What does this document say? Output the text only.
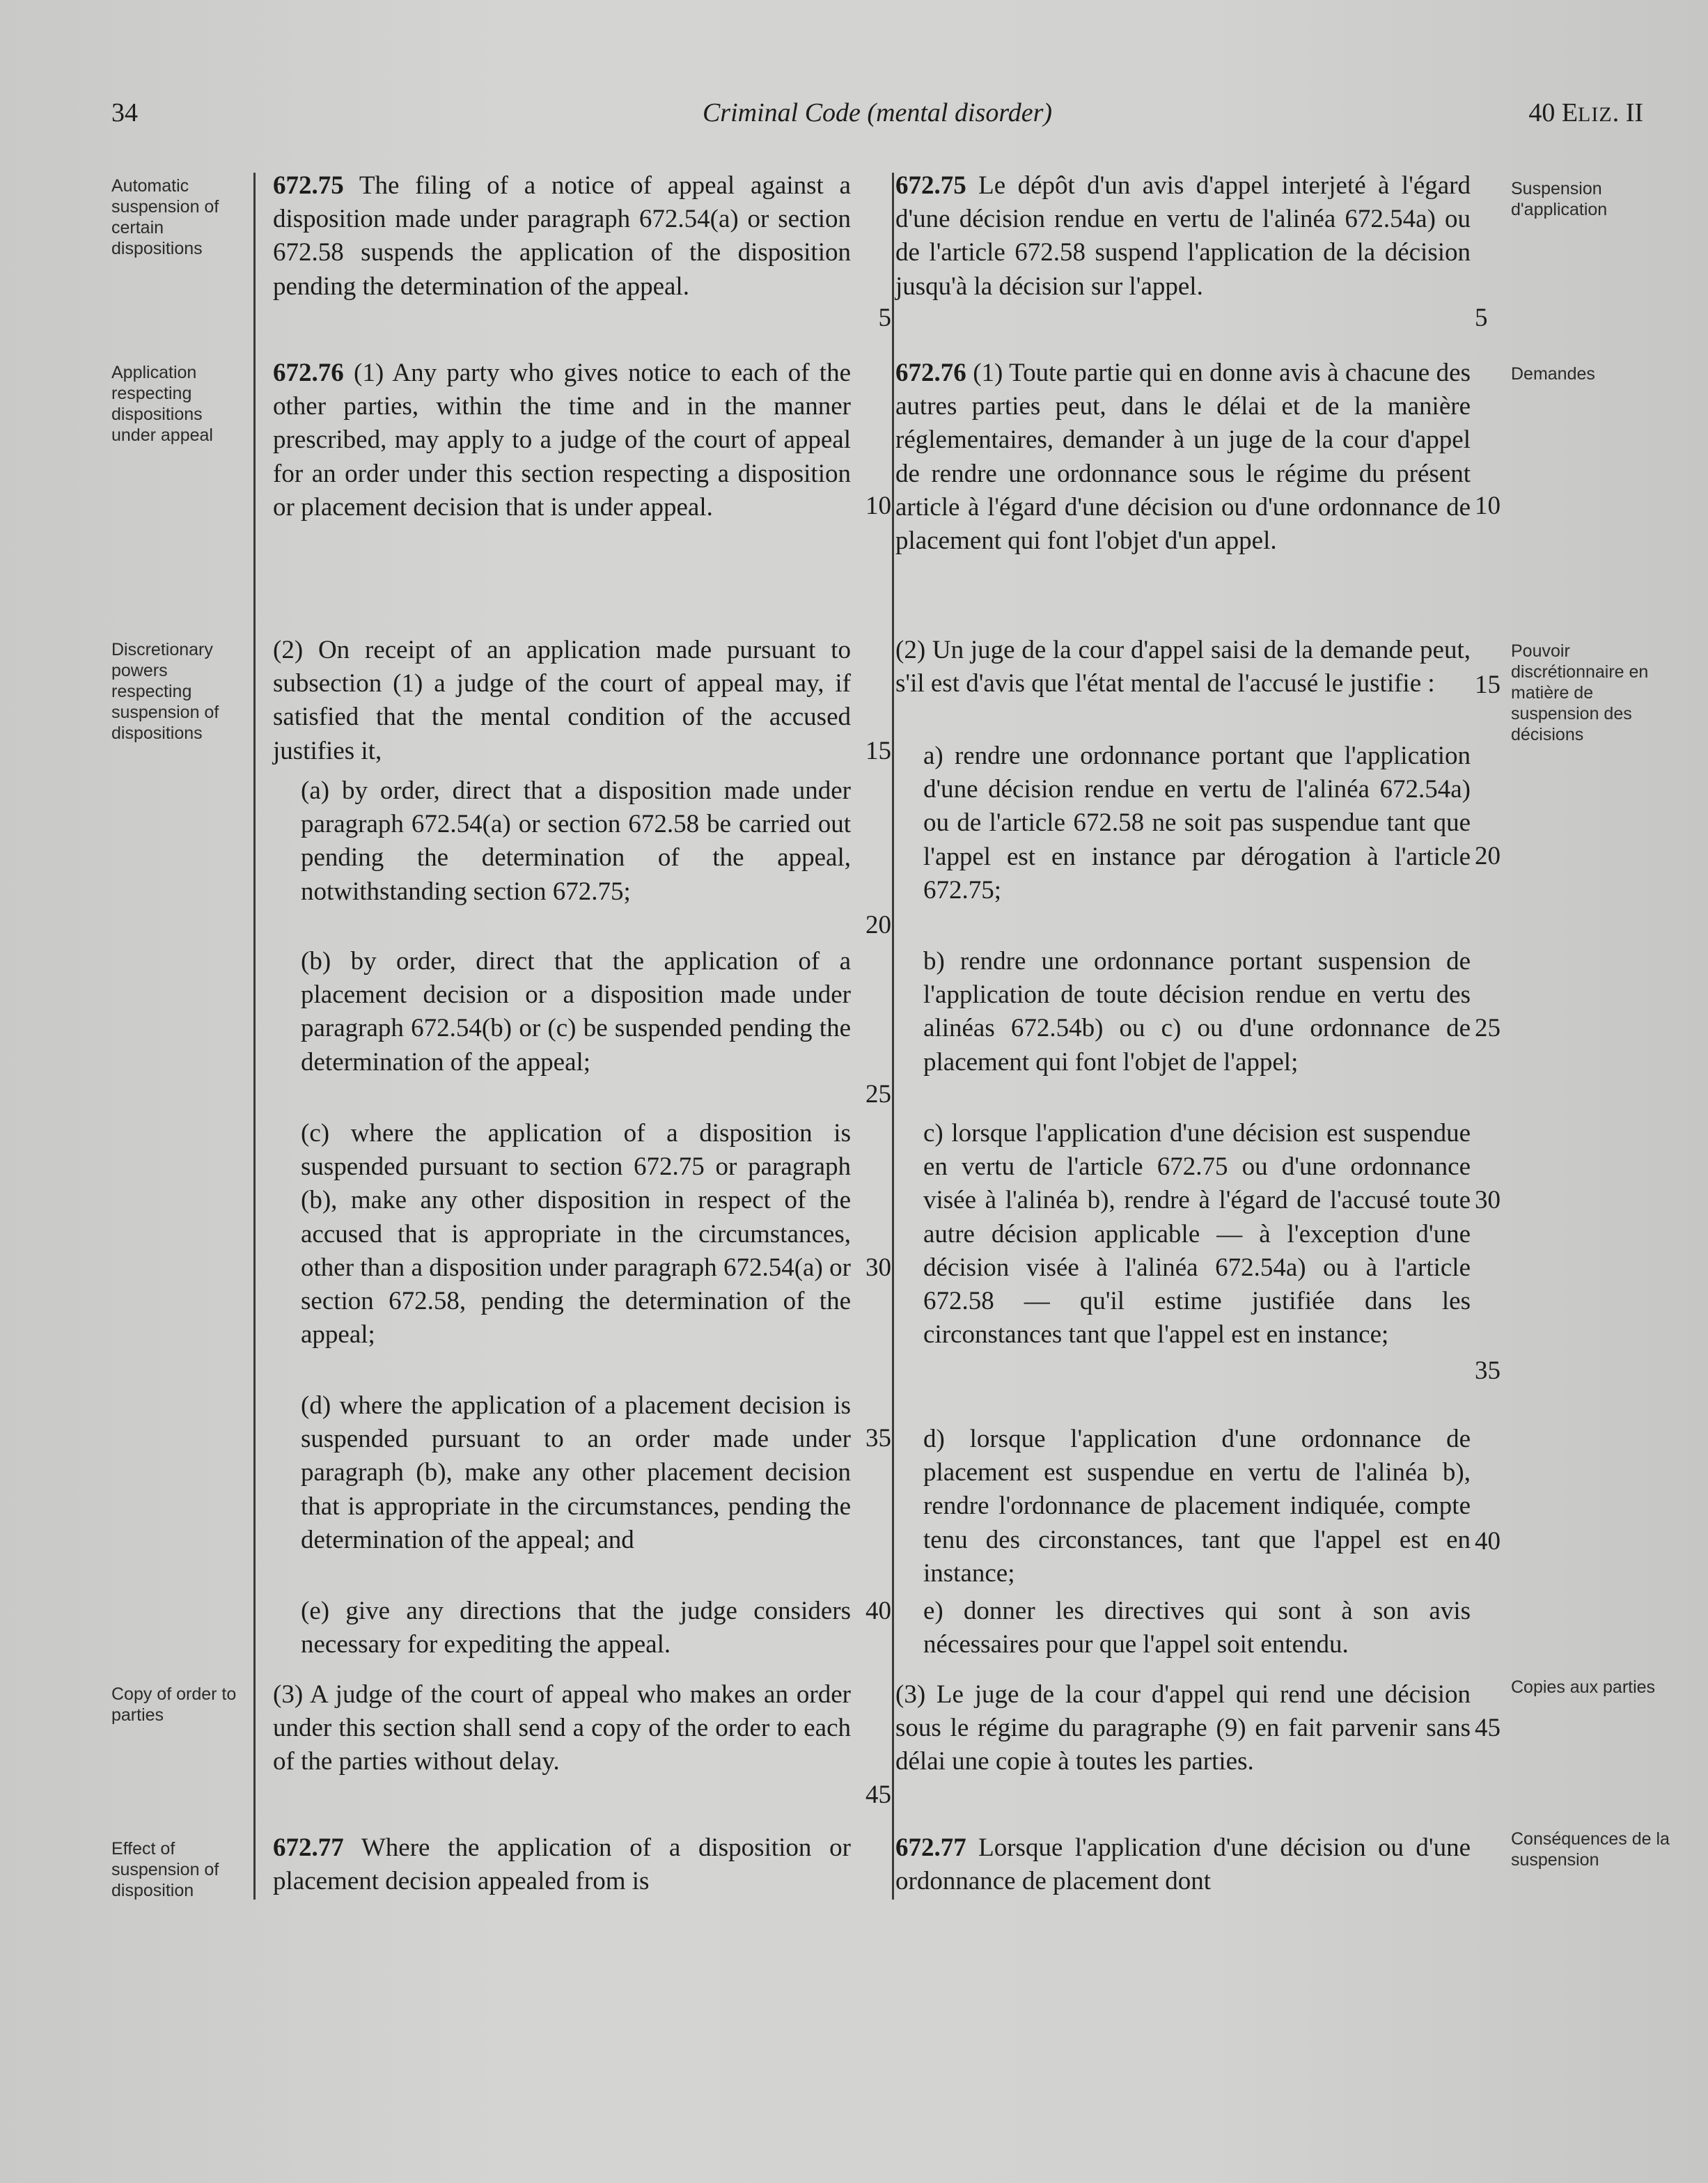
34	Criminal Code (mental disorder)	40 ELIZ. II
Automatic suspension of certain dispositions
Application respecting dispositions under appeal
Discretionary powers respecting suspension of dispositions
Copy of order to parties
Effect of suspension of disposition
Suspension d'application
Demandes
Pouvoir discrétionnaire en matière de suspension des décisions
Copies aux parties
Conséquences de la suspension

672.75 The filing of a notice of appeal against a disposition made under paragraph 672.54(a) or section 672.58 suspends the application of the disposition pending the determination of the appeal.

672.76 (1) Any party who gives notice to each of the other parties, within the time and in the manner prescribed, may apply to a judge of the court of appeal for an order under this section respecting a disposition or placement decision that is under appeal.

(2) On receipt of an application made pursuant to subsection (1) a judge of the court of appeal may, if satisfied that the mental condition of the accused justifies it,

(a) by order, direct that a disposition made under paragraph 672.54(a) or section 672.58 be carried out pending the determination of the appeal, notwithstanding section 672.75;

(b) by order, direct that the application of a placement decision or a disposition made under paragraph 672.54(b) or (c) be suspended pending the determination of the appeal;

(c) where the application of a disposition is suspended pursuant to section 672.75 or paragraph (b), make any other disposition in respect of the accused that is appropriate in the circumstances, other than a disposition under paragraph 672.54(a) or section 672.58, pending the determination of the appeal;

(d) where the application of a placement decision is suspended pursuant to an order made under paragraph (b), make any other placement decision that is appropriate in the circumstances, pending the determination of the appeal; and

(e) give any directions that the judge considers necessary for expediting the appeal.

(3) A judge of the court of appeal who makes an order under this section shall send a copy of the order to each of the parties without delay.

672.77 Where the application of a disposition or placement decision appealed from is

672.75 Le dépôt d'un avis d'appel interjeté à l'égard d'une décision rendue en vertu de l'alinéa 672.54a) ou de l'article 672.58 suspend l'application de la décision jusqu'à la décision sur l'appel.

672.76 (1) Toute partie qui en donne avis à chacune des autres parties peut, dans le délai et de la manière réglementaires, demander à un juge de la cour d'appel de rendre une ordonnance sous le régime du présent article à l'égard d'une décision ou d'une ordonnance de placement qui font l'objet d'un appel.

(2) Un juge de la cour d'appel saisi de la demande peut, s'il est d'avis que l'état mental de l'accusé le justifie :

a) rendre une ordonnance portant que l'application d'une décision rendue en vertu de l'alinéa 672.54a) ou de l'article 672.58 ne soit pas suspendue tant que l'appel est en instance par dérogation à l'article 672.75;

b) rendre une ordonnance portant suspension de l'application de toute décision rendue en vertu des alinéas 672.54b) ou c) ou d'une ordonnance de placement qui font l'objet de l'appel;

c) lorsque l'application d'une décision est suspendue en vertu de l'article 672.75 ou d'une ordonnance visée à l'alinéa b), rendre à l'égard de l'accusé toute autre décision applicable — à l'exception d'une décision visée à l'alinéa 672.54a) ou à l'article 672.58 — qu'il estime justifiée dans les circonstances tant que l'appel est en instance;

d) lorsque l'application d'une ordonnance de placement est suspendue en vertu de l'alinéa b), rendre l'ordonnance de placement indiquée, compte tenu des circonstances, tant que l'appel est en instance;

e) donner les directives qui sont à son avis nécessaires pour que l'appel soit entendu.

(3) Le juge de la cour d'appel qui rend une décision sous le régime du paragraphe (9) en fait parvenir sans délai une copie à toutes les parties.

672.77 Lorsque l'application d'une décision ou d'une ordonnance de placement dont

5
10
15
20
25
30
35
40
45
5
10
15
20
25
30
35
40
45
